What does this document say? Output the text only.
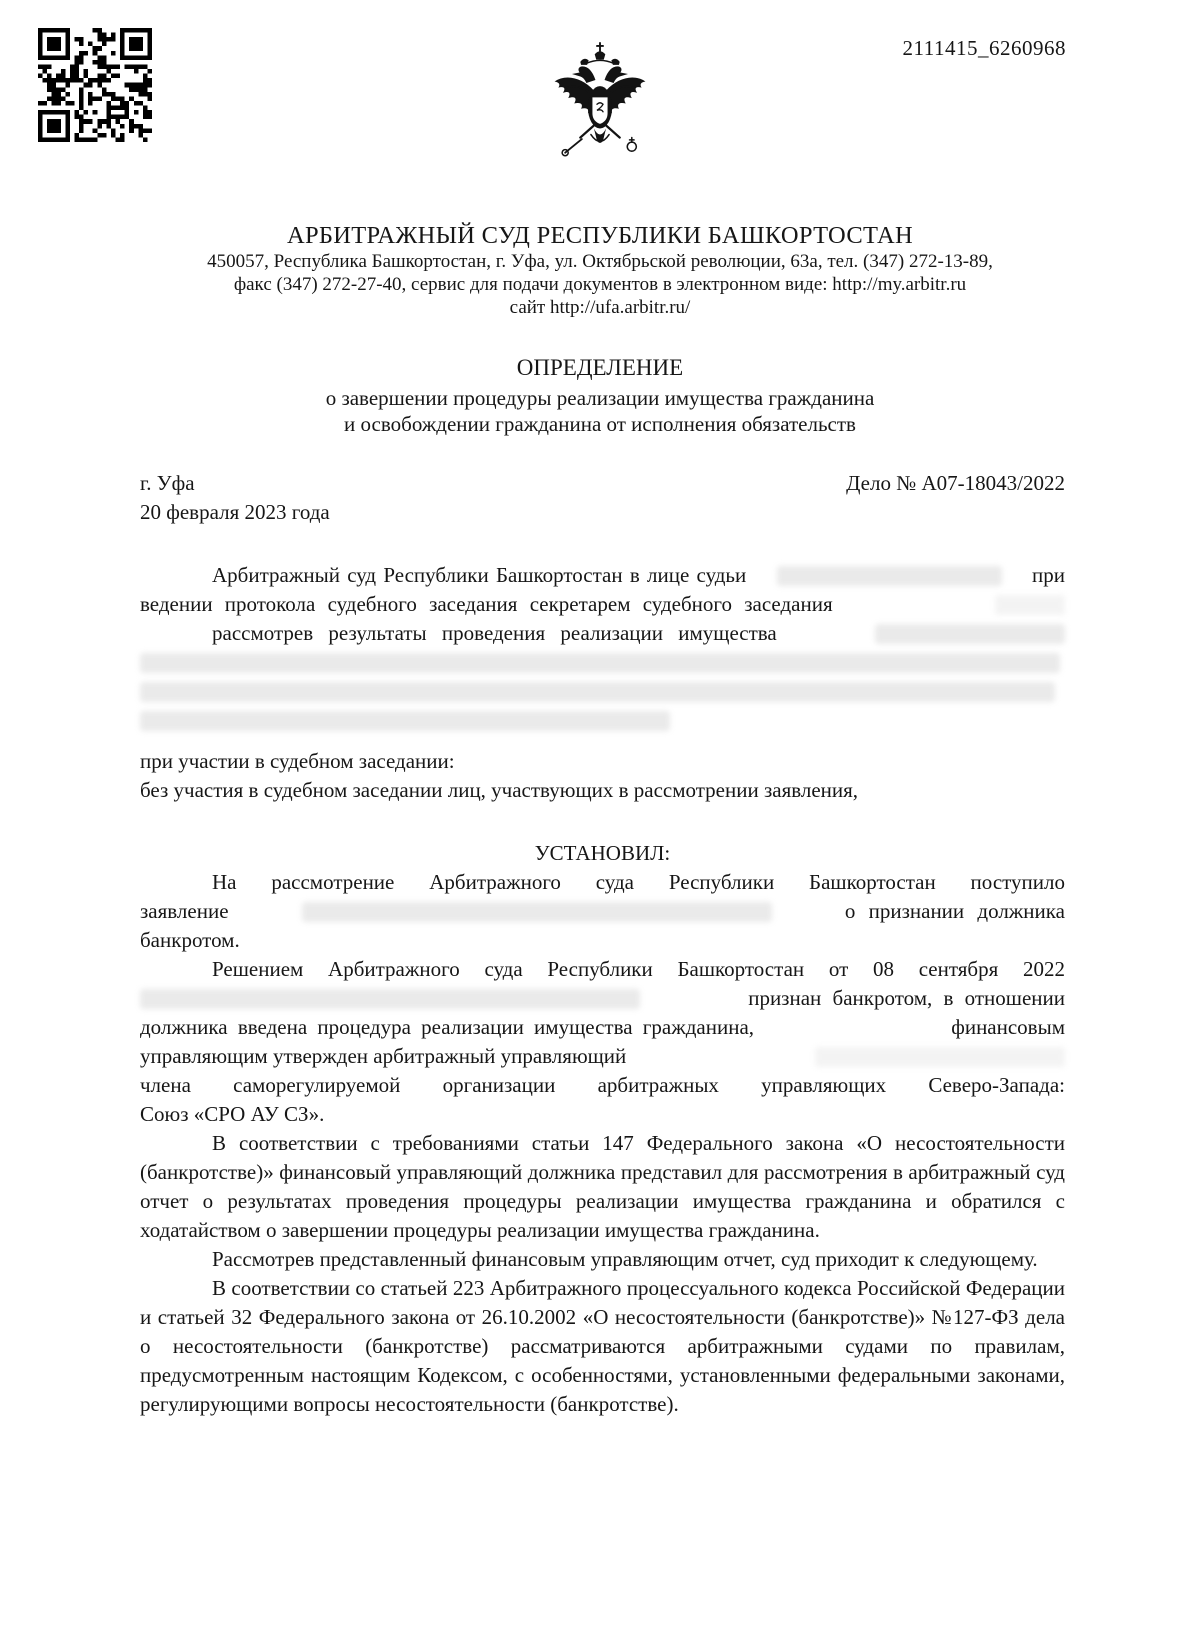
2111415_6260968
АРБИТРАЖНЫЙ СУД РЕСПУБЛИКИ БАШКОРТОСТАН
450057, Республика Башкортостан, г. Уфа, ул. Октябрьской революции, 63а, тел. (347) 272-13-89,
факс (347) 272-27-40, сервис для подачи документов в электронном виде: http://my.arbitr.ru
сайт http://ufa.arbitr.ru/
ОПРЕДЕЛЕНИЕ
о завершении процедуры реализации имущества гражданина
и освобождении гражданина от исполнения обязательств
г. Уфа	Дело № А07-18043/2022
20 февраля 2023 года
Арбитражный суд Республики Башкортостан в лице судьи	при
ведении протокола судебного заседания секретарем судебного заседания
рассмотрев результаты проведения реализации имущества
при участии в судебном заседании:
без участия в судебном заседании лиц, участвующих в рассмотрении заявления,
УСТАНОВИЛ:
На рассмотрение Арбитражного суда Республики Башкортостан поступило
заявление	о признании должника
банкротом.
Решением Арбитражного суда Республики Башкортостан от 08 сентября 2022
признан банкротом, в отношении
должника введена процедура реализации имущества гражданина,	финансовым
управляющим утвержден арбитражный управляющий
члена саморегулируемой организации арбитражных управляющих Северо-Запада:
Союз «СРО АУ СЗ».
В соответствии с требованиями статьи 147 Федерального закона «О несостоятельности (банкротстве)» финансовый управляющий должника представил для рассмотрения в арбитражный суд отчет о результатах проведения процедуры реализации имущества гражданина и обратился с ходатайством о завершении процедуры реализации имущества гражданина.
Рассмотрев представленный финансовым управляющим отчет, суд приходит к следующему.
В соответствии со статьей 223 Арбитражного процессуального кодекса Российской Федерации и статьей 32 Федерального закона от 26.10.2002 «О несостоятельности (банкротстве)» №127-ФЗ дела о несостоятельности (банкротстве) рассматриваются арбитражными судами по правилам, предусмотренным настоящим Кодексом, с особенностями, установленными федеральными законами, регулирующими вопросы несостоятельности (банкротстве).
